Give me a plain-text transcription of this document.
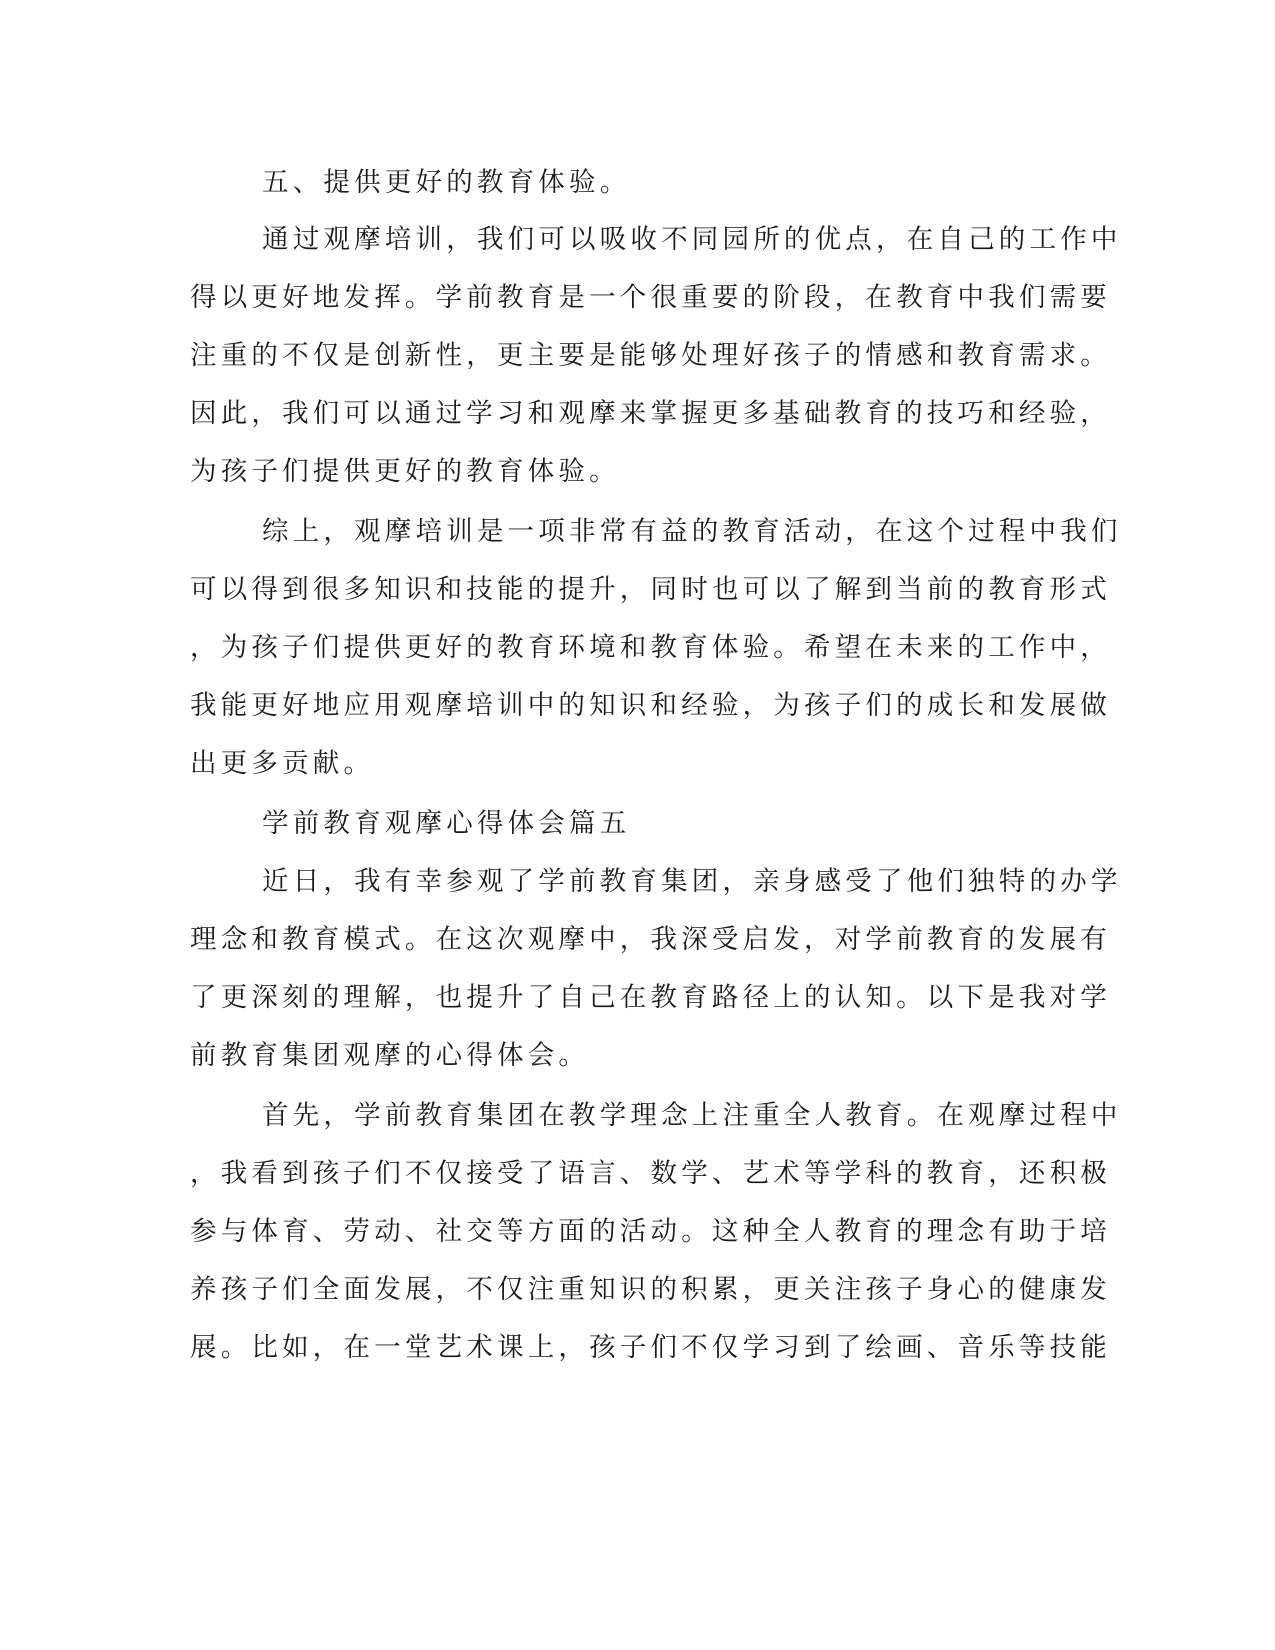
五、提供更好的教育体验。
通过观摩培训，我们可以吸收不同园所的优点，在自己的工作中
得以更好地发挥。学前教育是一个很重要的阶段，在教育中我们需要
注重的不仅是创新性，更主要是能够处理好孩子的情感和教育需求。
因此，我们可以通过学习和观摩来掌握更多基础教育的技巧和经验，
为孩子们提供更好的教育体验。
综上，观摩培训是一项非常有益的教育活动，在这个过程中我们
可以得到很多知识和技能的提升，同时也可以了解到当前的教育形式
，为孩子们提供更好的教育环境和教育体验。希望在未来的工作中，
我能更好地应用观摩培训中的知识和经验，为孩子们的成长和发展做
出更多贡献。
学前教育观摩心得体会篇五
近日，我有幸参观了学前教育集团，亲身感受了他们独特的办学
理念和教育模式。在这次观摩中，我深受启发，对学前教育的发展有
了更深刻的理解，也提升了自己在教育路径上的认知。以下是我对学
前教育集团观摩的心得体会。
首先，学前教育集团在教学理念上注重全人教育。在观摩过程中
，我看到孩子们不仅接受了语言、数学、艺术等学科的教育，还积极
参与体育、劳动、社交等方面的活动。这种全人教育的理念有助于培
养孩子们全面发展，不仅注重知识的积累，更关注孩子身心的健康发
展。比如，在一堂艺术课上，孩子们不仅学习到了绘画、音乐等技能
